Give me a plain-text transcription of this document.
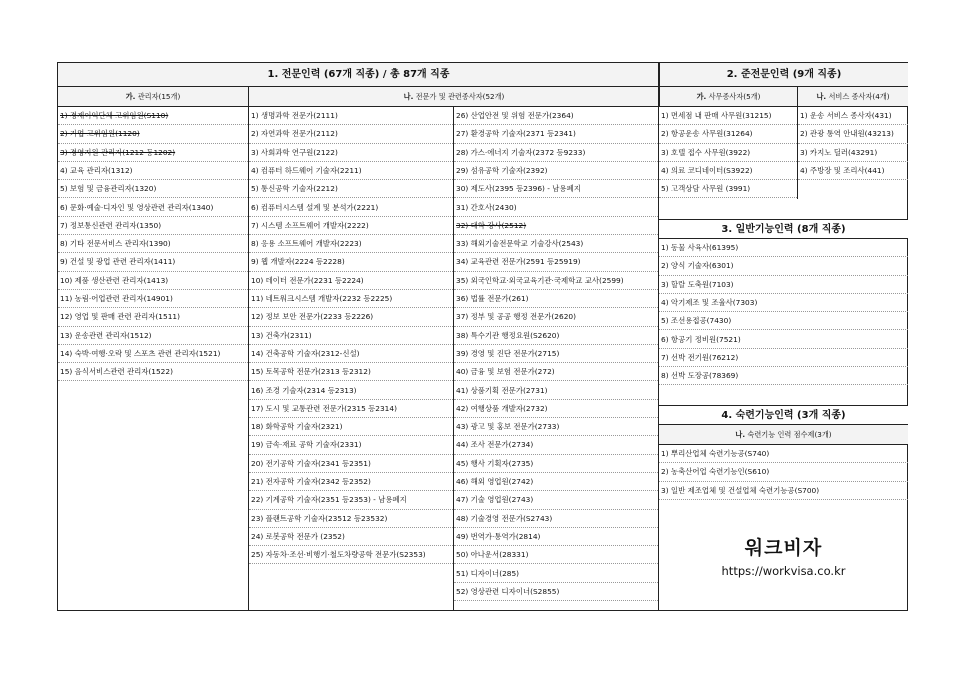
1. 전문인력 (67개 직종) / 총 87개 직종	2. 준전문인력 (9개 직종)
가. 관리자(15개)	나. 전문가 및 관련종사자(52개)	가. 사무종사자(5개)	나. 서비스 종사자(4개)
1) 경제이익단체 고위임원(S110)
2) 기업 고위임원(1120)
3) 경영지원 관리자(1212 등1202)
4) 교육 관리자(1312)
5) 보험 및 금융관리자(1320)
6) 문화·예술·디자인 및 영상관련 관리자(1340)
7) 정보통신관련 관리자(1350)
8) 기타 전문서비스 관리자(1390)
9) 건설 및 광업 관련 관리자(1411)
10) 제품 생산관련 관리자(1413)
11) 농림·어업관련 관리자(14901)
12) 영업 및 판매 관련 관리자(1511)
13) 운송관련 관리자(1512)
14) 숙박·여행·오락 및 스포츠 관련 관리자(1521)
15) 음식서비스관련 관리자(1522)
1) 생명과학 전문가(2111)
2) 자연과학 전문가(2112)
3) 사회과학 연구원(2122)
4) 컴퓨터 하드웨어 기술자(2211)
5) 통신공학 기술자(2212)
6) 컴퓨터시스템 설계 및 분석가(2221)
7) 시스템 소프트웨어 개발자(2222)
8) 응용 소프트웨어 개발자(2223)
9) 웹 개발자(2224 등2228)
10) 데이터 전문가(2231 등2224)
11) 네트워크시스템 개발자(2232 등2225)
12) 정보 보안 전문가(2233 등2226)
13) 건축가(2311)
14) 건축공학 기술자(2312-신설)
15) 토목공학 전문가(2313 등2312)
16) 조경 기술자(2314 등2313)
17) 도시 및 교통관련 전문가(2315 등2314)
18) 화학공학 기술자(2321)
19) 금속·재료 공학 기술자(2331)
20) 전기공학 기술자(2341 등2351)
21) 전자공학 기술자(2342 등2352)
22) 기계공학 기술자(2351 등2353) - 남용폐지
23) 플랜트공학 기술자(23512 등23532)
24) 로봇공학 전문가 (2352)
25) 자동차·조선·비행기·철도차량공학 전문가(S2353)
26) 산업안전 및 위험 전문가(2364)
27) 환경공학 기술자(2371 등2341)
28) 가스·에너지 기술자(2372 등9233)
29) 섬유공학 기술자(2392)
30) 제도사(2395 등2396) - 남용폐지
31) 간호사(2430)
32) 대학 강사(2512)
33) 해외기술전문학교 기술강사(2543)
34) 교육관련 전문가(2591 등25919)
35) 외국인학교·외국교육기관·국제학교 교사(2599)
36) 법률 전문가(261)
37) 정부 및 공공 행정 전문가(2620)
38) 특수기관 행정요원(S2620)
39) 경영 및 진단 전문가(2715)
40) 금융 및 보험 전문가(272)
41) 상품기획 전문가(2731)
42) 여행상품 개발자(2732)
43) 광고 및 홍보 전문가(2733)
44) 조사 전문가(2734)
45) 행사 기획자(2735)
46) 해외 영업원(2742)
47) 기술 영업원(2743)
48) 기술경영 전문가(S2743)
49) 번역가·통역가(2814)
50) 아나운서(28331)
51) 디자이너(285)
52) 영상관련 디자이너(S2855)
1) 면세점 내 판매 사무원(31215)
2) 항공운송 사무원(31264)
3) 호텔 접수 사무원(3922)
4) 의료 코디네이터(S3922)
5) 고객상담 사무원 (3991)
1) 운송 서비스 종사자(431)
2) 관광 통역 안내원(43213)
3) 카지노 딜러(43291)
4) 주방장 및 조리사(441)
3. 일반기능인력 (8개 직종)
1) 동물 사육사(61395)
2) 양식 기술자(6301)
3) 할랄 도축원(7103)
4) 악기제조 및 조율사(7303)
5) 조선용접공(7430)
6) 항공기 정비원(7521)
7) 선박 전기원(76212)
8) 선박 도장공(78369)
4. 숙련기능인력 (3개 직종)
나. 숙련기능 인력 점수제(3개)
1) 뿌리산업체 숙련기능공(S740)
2) 농축산어업 숙련기능인(S610)
3) 일반 제조업체 및 건설업체 숙련기능공(S700)
워크비자
https://workvisa.co.kr
